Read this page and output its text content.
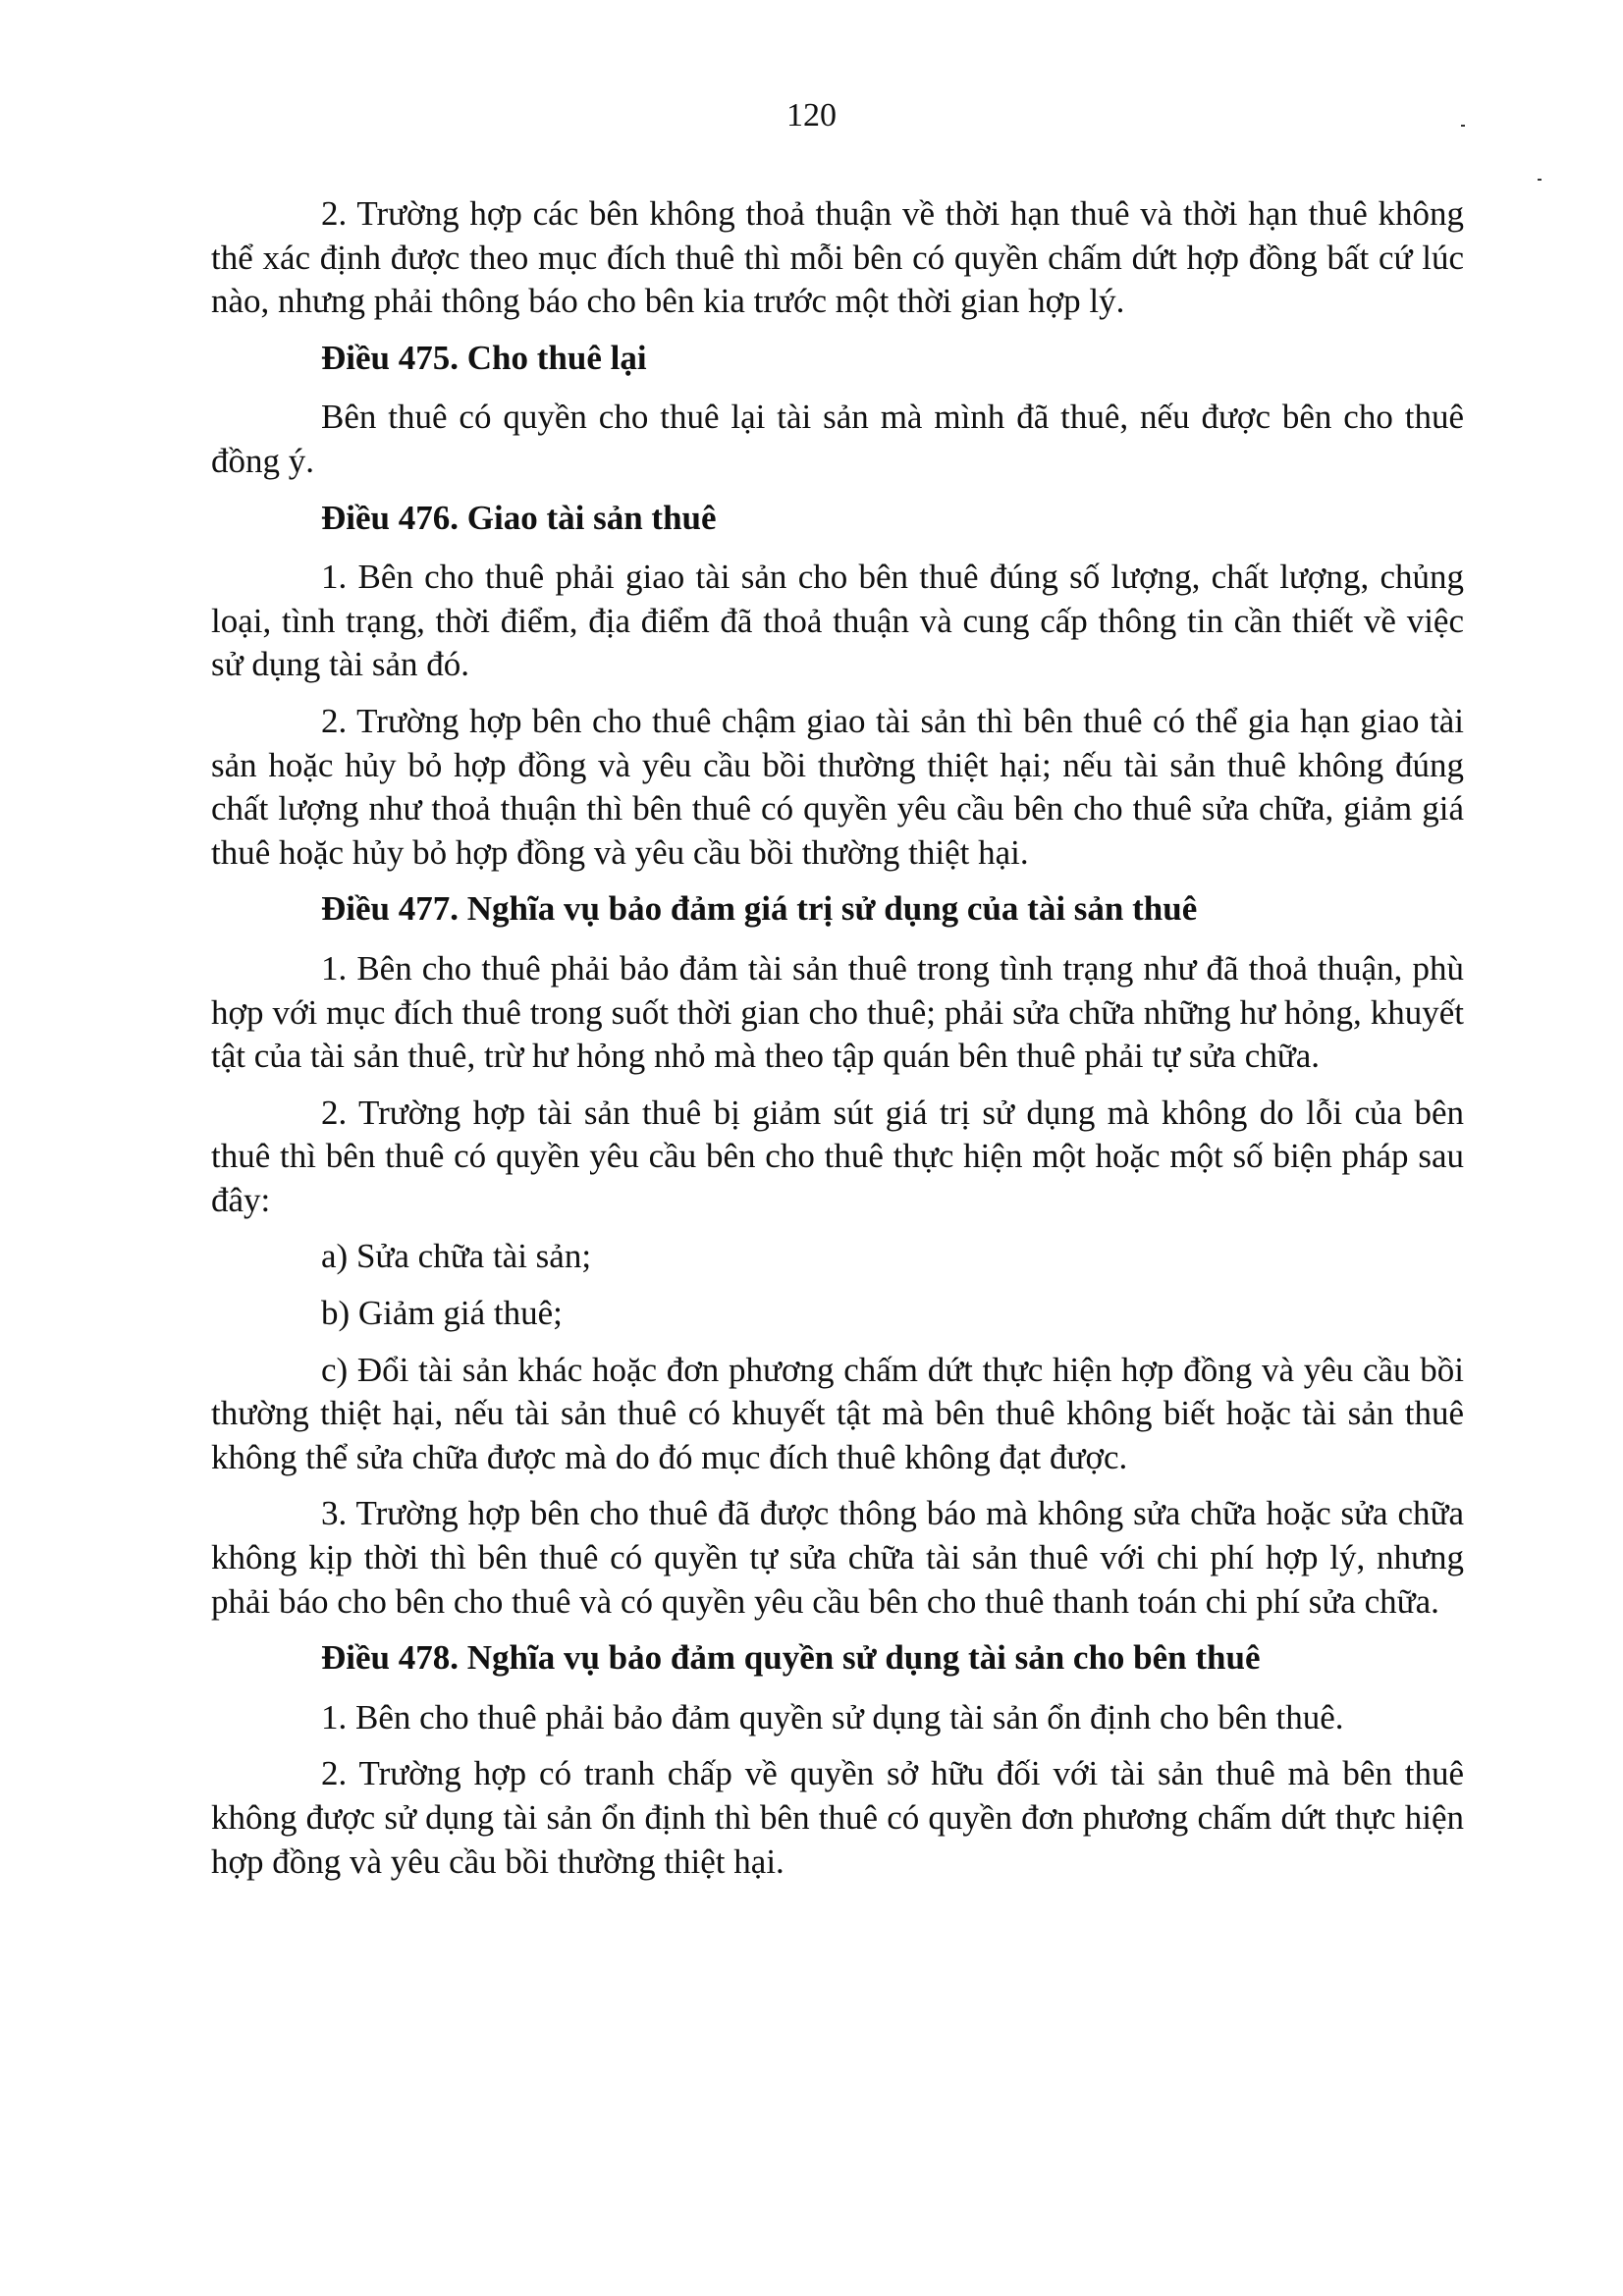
120

2. Trường hợp các bên không thoả thuận về thời hạn thuê và thời hạn thuê không thể xác định được theo mục đích thuê thì mỗi bên có quyền chấm dứt hợp đồng bất cứ lúc nào, nhưng phải thông báo cho bên kia trước một thời gian hợp lý.

Điều 475. Cho thuê lại

Bên thuê có quyền cho thuê lại tài sản mà mình đã thuê, nếu được bên cho thuê đồng ý.

Điều 476. Giao tài sản thuê

1. Bên cho thuê phải giao tài sản cho bên thuê đúng số lượng, chất lượng, chủng loại, tình trạng, thời điểm, địa điểm đã thoả thuận và cung cấp thông tin cần thiết về việc sử dụng tài sản đó.

2. Trường hợp bên cho thuê chậm giao tài sản thì bên thuê có thể gia hạn giao tài sản hoặc hủy bỏ hợp đồng và yêu cầu bồi thường thiệt hại; nếu tài sản thuê không đúng chất lượng như thoả thuận thì bên thuê có quyền yêu cầu bên cho thuê sửa chữa, giảm giá thuê hoặc hủy bỏ hợp đồng và yêu cầu bồi thường thiệt hại.

Điều 477. Nghĩa vụ bảo đảm giá trị sử dụng của tài sản thuê

1. Bên cho thuê phải bảo đảm tài sản thuê trong tình trạng như đã thoả thuận, phù hợp với mục đích thuê trong suốt thời gian cho thuê; phải sửa chữa những hư hỏng, khuyết tật của tài sản thuê, trừ hư hỏng nhỏ mà theo tập quán bên thuê phải tự sửa chữa.

2. Trường hợp tài sản thuê bị giảm sút giá trị sử dụng mà không do lỗi của bên thuê thì bên thuê có quyền yêu cầu bên cho thuê thực hiện một hoặc một số biện pháp sau đây:

a) Sửa chữa tài sản;

b) Giảm giá thuê;

c) Đổi tài sản khác hoặc đơn phương chấm dứt thực hiện hợp đồng và yêu cầu bồi thường thiệt hại, nếu tài sản thuê có khuyết tật mà bên thuê không biết hoặc tài sản thuê không thể sửa chữa được mà do đó mục đích thuê không đạt được.

3. Trường hợp bên cho thuê đã được thông báo mà không sửa chữa hoặc sửa chữa không kịp thời thì bên thuê có quyền tự sửa chữa tài sản thuê với chi phí hợp lý, nhưng phải báo cho bên cho thuê và có quyền yêu cầu bên cho thuê thanh toán chi phí sửa chữa.

Điều 478. Nghĩa vụ bảo đảm quyền sử dụng tài sản cho bên thuê

1. Bên cho thuê phải bảo đảm quyền sử dụng tài sản ổn định cho bên thuê.

2. Trường hợp có tranh chấp về quyền sở hữu đối với tài sản thuê mà bên thuê không được sử dụng tài sản ổn định thì bên thuê có quyền đơn phương chấm dứt thực hiện hợp đồng và yêu cầu bồi thường thiệt hại.
